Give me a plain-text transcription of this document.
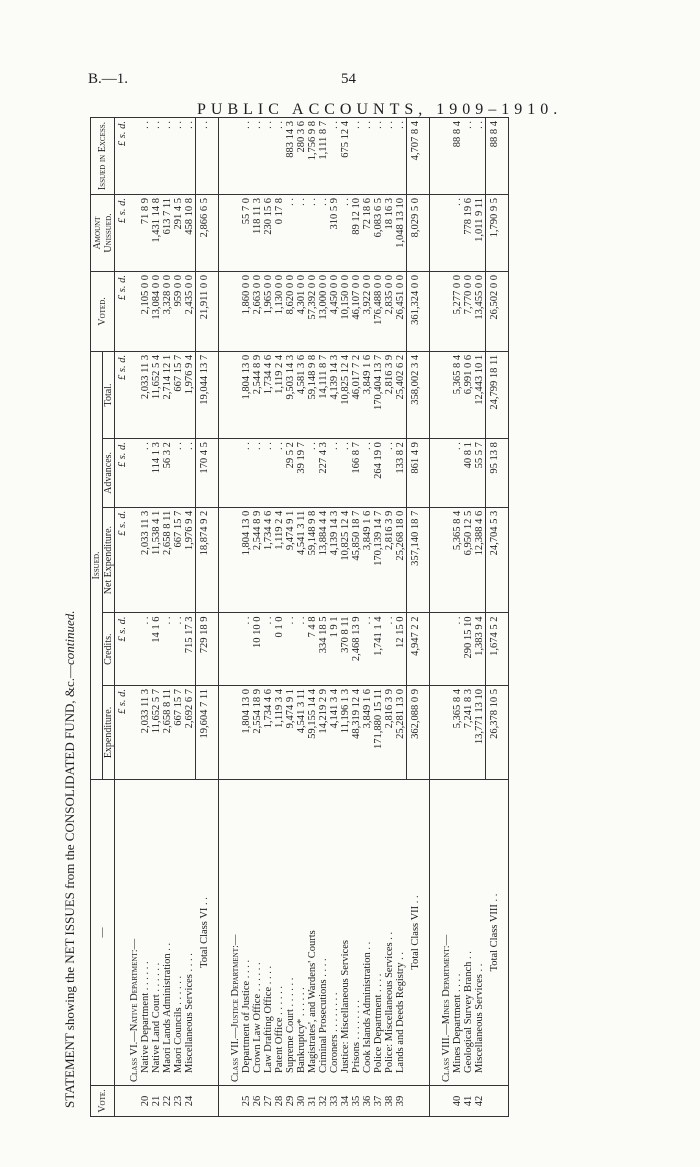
B.—1.	54
PUBLIC ACCOUNTS, 1909–1910.
STATEMENT showing the NET ISSUES from the CONSOLIDATED FUND, &c.—continued.
Vote.	—	Issued.					Voted.	Amount Unissued.	Issued in Excess.
		Expenditure.	Credits.	Net Expenditure.	Advances.	Total.			
		£ s. d.	£ s. d.	£ s. d.	£ s. d.	£ s. d.	£ s. d.	£ s. d.	£ s. d.
	Class VI.—Native Department:—								
20	Native Department . . . . . .	2,033 11 3	. .	2,033 11 3	. .	2,033 11 3	2,105 0 0	71 8 9	. .
21	Native Land Court . . . . . .	11,652 5 7	14 1 6	11,538 4 1	114 1 3	11,652 5 4	13,084 0 0	1,431 14 8	. .
22	Maori Lands Administration . .	2,658 8 11	. .	2,658 8 11	56 3 2	2,714 12 1	3,328 0 0	613 7 11	. .
23	Maori Councils . . . . . .	667 15 7	. .	667 15 7	. .	667 15 7	959 0 0	291 4 5	. .
24	Miscellaneous Services . . . .	2,692 6 7	715 17 3	1,976 9 4	. .	1,976 9 4	2,435 0 0	458 10 8	. .
	Total Class VI . .	19,604 7 11	729 18 9	18,874 9 2	170 4 5	19,044 13 7	21,911 0 0	2,866 6 5	. .

	Class VII.—Justice Department:—								
25	Department of Justice . . . .	1,804 13 0	. .	1,804 13 0	. .	1,804 13 0	1,860 0 0	55 7 0	. .
26	Crown Law Office . . . . . .	2,554 18 9	10 10 0	2,544 8 9	. .	2,544 8 9	2,663 0 0	118 11 3	. .
27	Law Drafting Office . . . .	1,734 4 6	. .	1,734 4 6	. .	1,734 4 6	1,965 0 0	230 15 6	. .
28	Patent Office . . . . . .	1,119 3 4	0 1 0	1,119 2 4	. .	1,119 2 4	1,130 0 0	0 17 8	. .
29	Supreme Court . . . . . .	9,474 9 1	. .	9,474 9 1	29 5 2	9,503 14 3	8,620 0 0	. .	883 14 3
30	Bankruptcy* . . . . . .	4,541 3 11	. .	4,541 3 11	39 19 7	4,581 3 6	4,301 0 0	. .	280 3 6
31	Magistrates', and Wardens' Courts	59,155 14 4	7 4 8	59,148 9 8	. .	59,148 9 8	57,392 0 0	. .	1,756 9 8
32	Criminal Prosecutions . . . .	14,219 2 9	334 18 5	13,884 4 4	227 4 3	14,111 8 7	13,000 0 0	. .	1,111 8 7
33	Coroners . . . . . . . .	4,141 3 4	1 9 1	4,139 14 3	. .	4,139 14 3	4,450 0 0	310 5 9	. .
34	Justice: Miscellaneous Services	11,196 1 3	370 8 11	10,825 12 4	. .	10,825 12 4	10,150 0 0	. .	675 12 4
35	Prisons . . . . . . . .	48,319 12 4	2,468 13 9	45,850 18 7	166 8 7	46,017 7 2	46,107 0 0	89 12 10	. .
36	Cook Islands Administration . .	3,849 1 6	. .	3,849 1 6	. .	3,849 1 6	3,922 0 0	72 18 6	. .
37	Police Department . . . .	171,880 15 11	1,741 1 4	170,139 14 7	264 19 0	170,404 13 7	176,488 0 0	6,083 6 5	. .
38	Police: Miscellaneous Services . .	2,816 3 9	. .	2,816 3 9	. .	2,816 3 9	2,835 0 0	18 16 3	. .
39	Lands and Deeds Registry . .	25,281 13 0	12 15 0	25,268 18 0	133 8 2	25,402 6 2	26,451 0 0	1,048 13 10	. .
	Total Class VII . .	362,088 0 9	4,947 2 2	357,140 18 7	861 4 9	358,002 3 4	361,324 0 0	8,029 5 0	4,707 8 4

	Class VIII.—Mines Department:—								
40	Mines Department . . . .	5,365 8 4	. .	5,365 8 4	. .	5,365 8 4	5,277 0 0	. .	88 8 4
41	Geological Survey Branch . .	7,241 8 3	290 15 10	6,950 12 5	40 8 1	6,991 0 6	7,770 0 0	778 19 6	. .
42	Miscellaneous Services . .	13,771 13 10	1,383 9 4	12,388 4 6	55 5 7	12,443 10 1	13,455 0 0	1,011 9 11	. .
	Total Class VIII . .	26,378 10 5	1,674 5 2	24,704 5 3	95 13 8	24,799 18 11	26,502 0 0	1,790 9 5	88 8 4
